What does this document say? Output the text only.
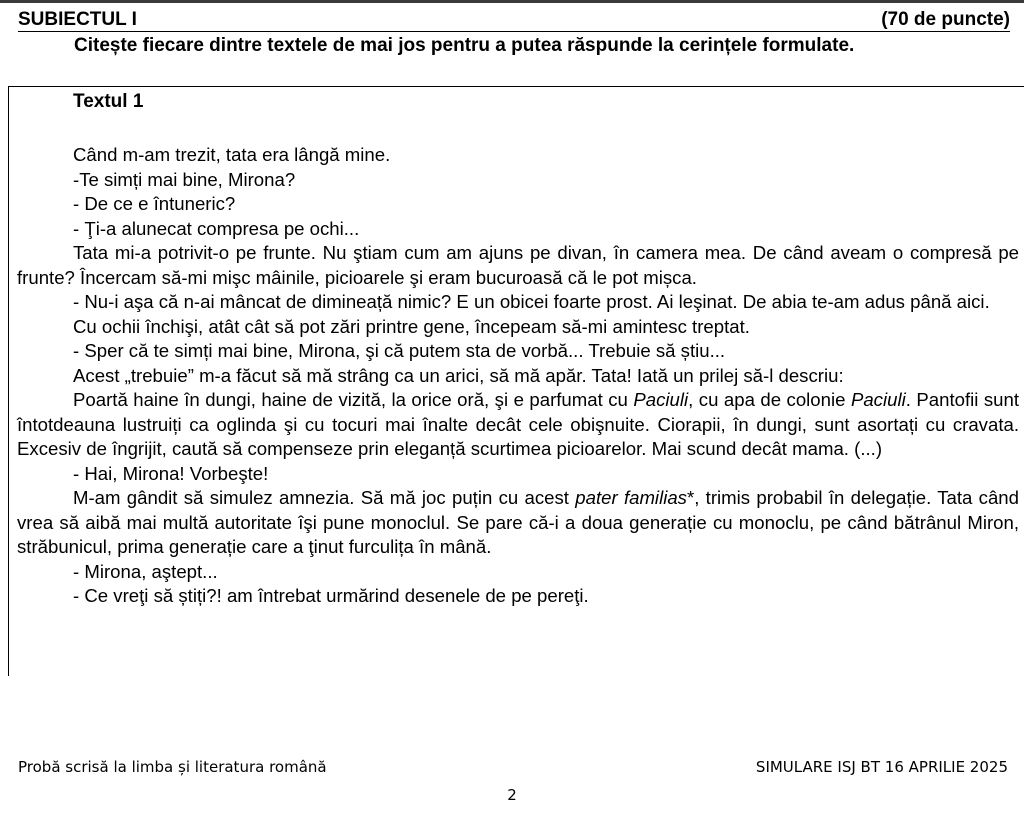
SUBIECTUL I	(70 de puncte)
Citește fiecare dintre textele de mai jos pentru a putea răspunde la cerințele formulate.
Textul 1

Când m-am trezit, tata era lângă mine.

-Te simți mai bine, Mirona?

- De ce e întuneric?

- Ţi-a alunecat compresa pe ochi...

Tata mi-a potrivit-o pe frunte. Nu ştiam cum am ajuns pe divan, în camera mea. De când aveam o compresă pe frunte? Încercam să-mi mişc mâinile, picioarele şi eram bucuroasă că le pot mișca.

- Nu-i aşa că n-ai mâncat de dimineață nimic? E un obicei foarte prost. Ai leşinat. De abia te-am adus până aici.

Cu ochii închişi, atât cât să pot zări printre gene, începeam să-mi amintesc treptat.

- Sper că te simți mai bine, Mirona, şi că putem sta de vorbă... Trebuie să știu...

Acest „trebuie” m-a făcut să mă strâng ca un arici, să mă apăr. Tata! Iată un prilej să-l descriu:

Poartă haine în dungi, haine de vizită, la orice oră, şi e parfumat cu Paciuli, cu apa de colonie Paciuli. Pantofii sunt întotdeauna lustruiți ca oglinda şi cu tocuri mai înalte decât cele obişnuite. Ciorapii, în dungi, sunt asortați cu cravata. Excesiv de îngrijit, caută să compenseze prin eleganță scurtimea picioarelor. Mai scund decât mama. (...)

- Hai, Mirona! Vorbeşte!

M-am gândit să simulez amnezia. Să mă joc puțin cu acest pater familias*, trimis probabil în delegație. Tata când vrea să aibă mai multă autoritate îşi pune monoclul. Se pare că-i a doua generație cu monoclu, pe când bătrânul Miron, străbunicul, prima generație care a ţinut furculița în mână.

- Mirona, aştept...

- Ce vreţi să știți?! am întrebat urmărind desenele de pe pereţi.

Probă scrisă la limba și literatura română	SIMULARE ISJ BT 16 APRILIE 2025
2
